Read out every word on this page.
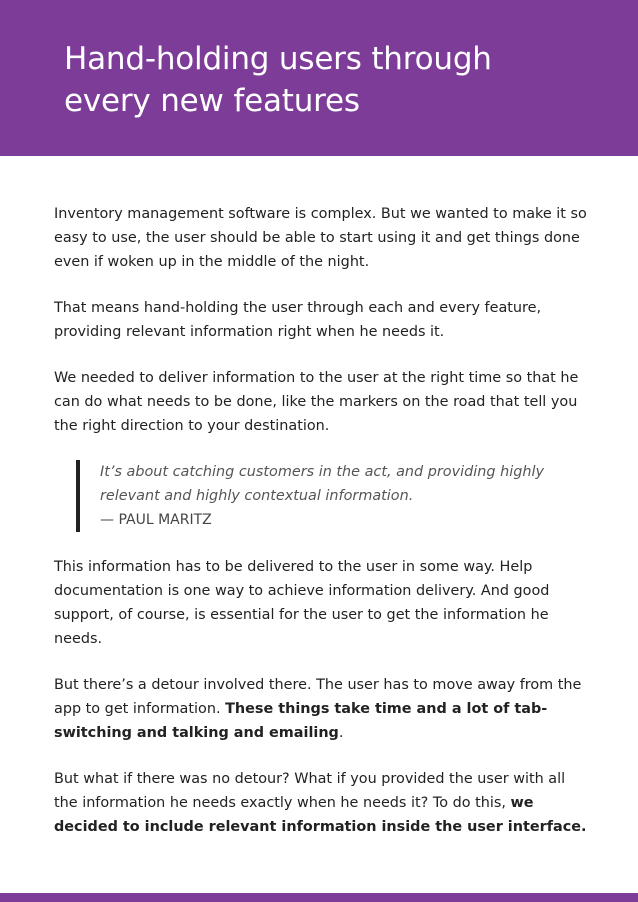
Hand-holding users through every new features

Inventory management software is complex. But we wanted to make it so easy to use, the user should be able to start using it and get things done even if woken up in the middle of the night.

That means hand-holding the user through each and every feature, providing relevant information right when he needs it.

We needed to deliver information to the user at the right time so that he can do what needs to be done, like the markers on the road that tell you the right direction to your destination.

It’s about catching customers in the act, and providing highly relevant and highly contextual information.

— PAUL MARITZ

This information has to be delivered to the user in some way. Help documentation is one way to achieve information delivery. And good support, of course, is essential for the user to get the information he needs.

But there’s a detour involved there. The user has to move away from the app to get information. These things take time and a lot of tab-switching and talking and emailing.

But what if there was no detour? What if you provided the user with all the information he needs exactly when he needs it? To do this, we decided to include relevant information inside the user interface.
